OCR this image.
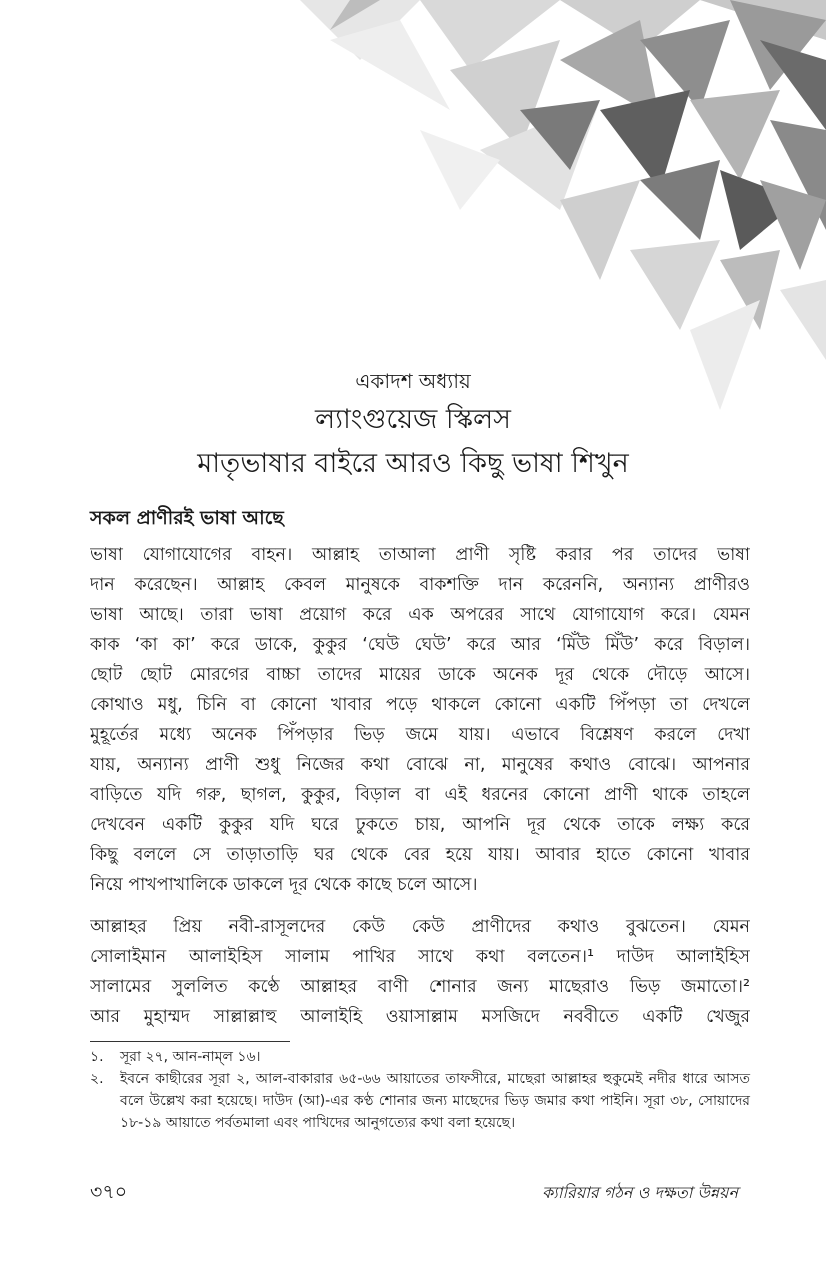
একাদশ অধ্যায়
ল্যাংগুয়েজ স্কিলস
মাতৃভাষার বাইরে আরও কিছু ভাষা শিখুন
সকল প্রাণীরই ভাষা আছে

ভাষা যোগাযোগের বাহন। আল্লাহ তাআলা প্রাণী সৃষ্টি করার পর তাদের ভাষা
দান করেছেন। আল্লাহ কেবল মানুষকে বাকশক্তি দান করেননি, অন্যান্য প্রাণীরও
ভাষা আছে। তারা ভাষা প্রয়োগ করে এক অপরের সাথে যোগাযোগ করে। যেমন
কাক ‘কা কা’ করে ডাকে, কুকুর ‘ঘেউ ঘেউ’ করে আর ‘মিঁউ মিঁউ’ করে বিড়াল।
ছোট ছোট মোরগের বাচ্চা তাদের মায়ের ডাকে অনেক দূর থেকে দৌড়ে আসে।
কোথাও মধু, চিনি বা কোনো খাবার পড়ে থাকলে কোনো একটি পিঁপড়া তা দেখলে
মুহূর্তের মধ্যে অনেক পিঁপড়ার ভিড় জমে যায়। এভাবে বিশ্লেষণ করলে দেখা
যায়, অন্যান্য প্রাণী শুধু নিজের কথা বোঝে না, মানুষের কথাও বোঝে। আপনার
বাড়িতে যদি গরু, ছাগল, কুকুর, বিড়াল বা এই ধরনের কোনো প্রাণী থাকে তাহলে
দেখবেন একটি কুকুর যদি ঘরে ঢুকতে চায়, আপনি দূর থেকে তাকে লক্ষ্য করে
কিছু বললে সে তাড়াতাড়ি ঘর থেকে বের হয়ে যায়। আবার হাতে কোনো খাবার
নিয়ে পাখপাখালিকে ডাকলে দূর থেকে কাছে চলে আসে।

আল্লাহর প্রিয় নবী-রাসূলদের কেউ কেউ প্রাণীদের কথাও বুঝতেন। যেমন
সোলাইমান আলাইহিস সালাম পাখির সাথে কথা বলতেন।¹ দাউদ আলাইহিস
সালামের সুললিত কণ্ঠে আল্লাহর বাণী শোনার জন্য মাছেরাও ভিড় জমাতো।²
আর মুহাম্মদ সাল্লাল্লাহু আলাইহি ওয়াসাল্লাম মসজিদে নববীতে একটি খেজুর

১.	সূরা ২৭, আন-নাম্‌ল ১৬।
২.	ইবনে কাছীরের সূরা ২, আল-বাকারার ৬৫-৬৬ আয়াতের তাফসীরে, মাছেরা আল্লাহর হুকুমেই নদীর ধারে আসত বলে উল্লেখ করা হয়েছে। দাউদ (আ)-এর কণ্ঠ শোনার জন্য মাছেদের ভিড় জমার কথা পাইনি। সূরা ৩৮, সোয়াদের ১৮-১৯ আয়াতে পর্বতমালা এবং পাখিদের আনুগত্যের কথা বলা হয়েছে।
৩৭০	ক্যারিয়ার গঠন ও দক্ষতা উন্নয়ন
